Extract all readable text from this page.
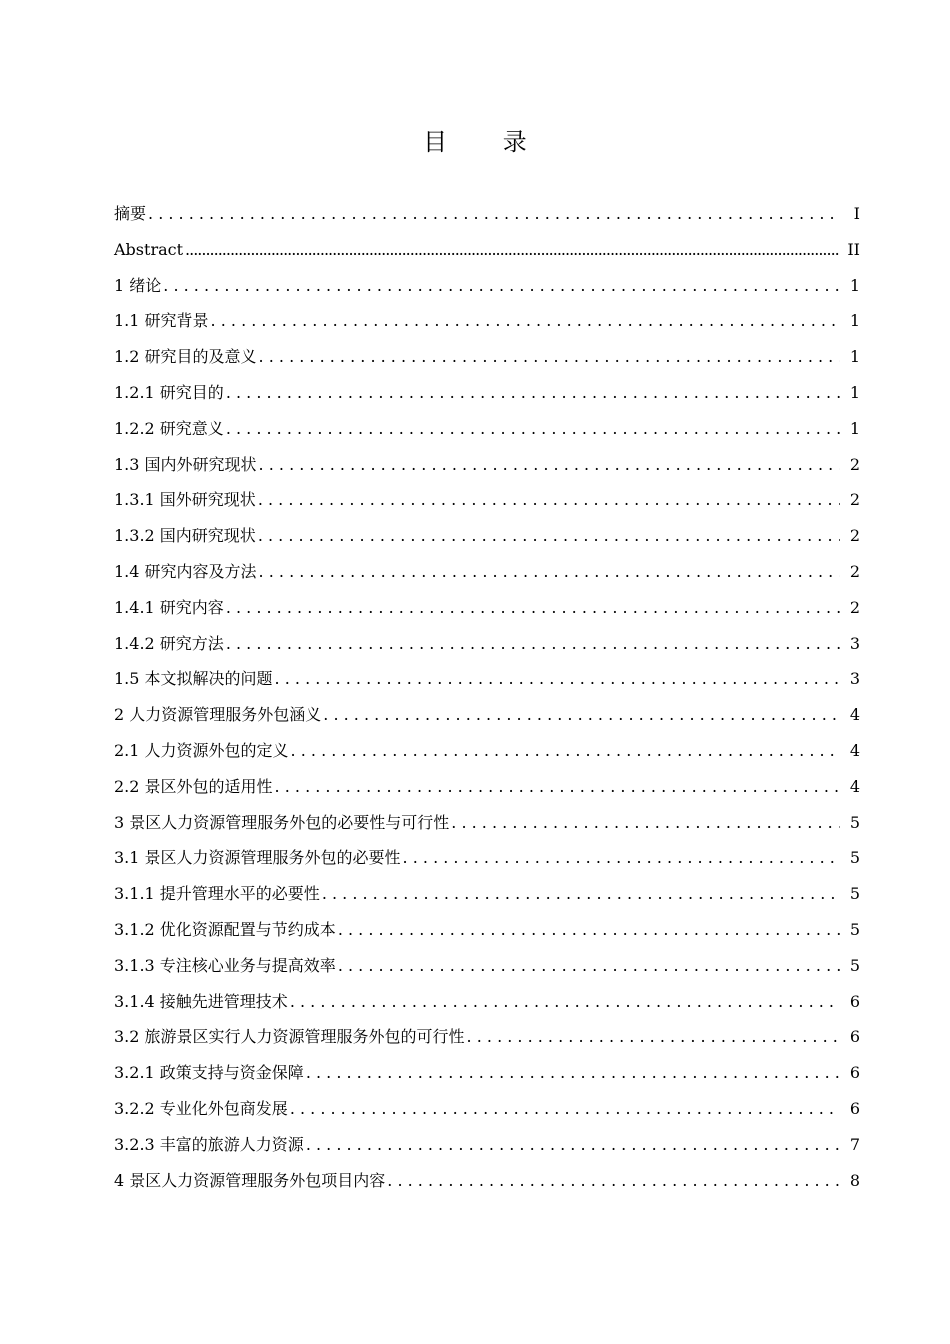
目 录
摘要 . . .	I
Abstract .....	II
1 绪论 . . .	1
1.1 研究背景 . . .	1
1.2 研究目的及意义 . . .	1
1.2.1 研究目的 . . .	1
1.2.2 研究意义 . . .	1
1.3 国内外研究现状 . . .	2
1.3.1 国外研究现状 . . .	2
1.3.2 国内研究现状 . . .	2
1.4 研究内容及方法 . . .	2
1.4.1 研究内容 . . .	2
1.4.2 研究方法 . . .	3
1.5 本文拟解决的问题 . . .	3
2 人力资源管理服务外包涵义 . . .	4
2.1 人力资源外包的定义 . . .	4
2.2 景区外包的适用性 . . .	4
3 景区人力资源管理服务外包的必要性与可行性 . . .	5
3.1 景区人力资源管理服务外包的必要性 . . .	5
3.1.1 提升管理水平的必要性 . . .	5
3.1.2 优化资源配置与节约成本 . . .	5
3.1.3 专注核心业务与提高效率 . . .	5
3.1.4 接触先进管理技术 . . .	6
3.2 旅游景区实行人力资源管理服务外包的可行性 . . .	6
3.2.1 政策支持与资金保障 . . .	6
3.2.2 专业化外包商发展 . . .	6
3.2.3 丰富的旅游人力资源 . . .	7
4 景区人力资源管理服务外包项目内容 . . .	8
